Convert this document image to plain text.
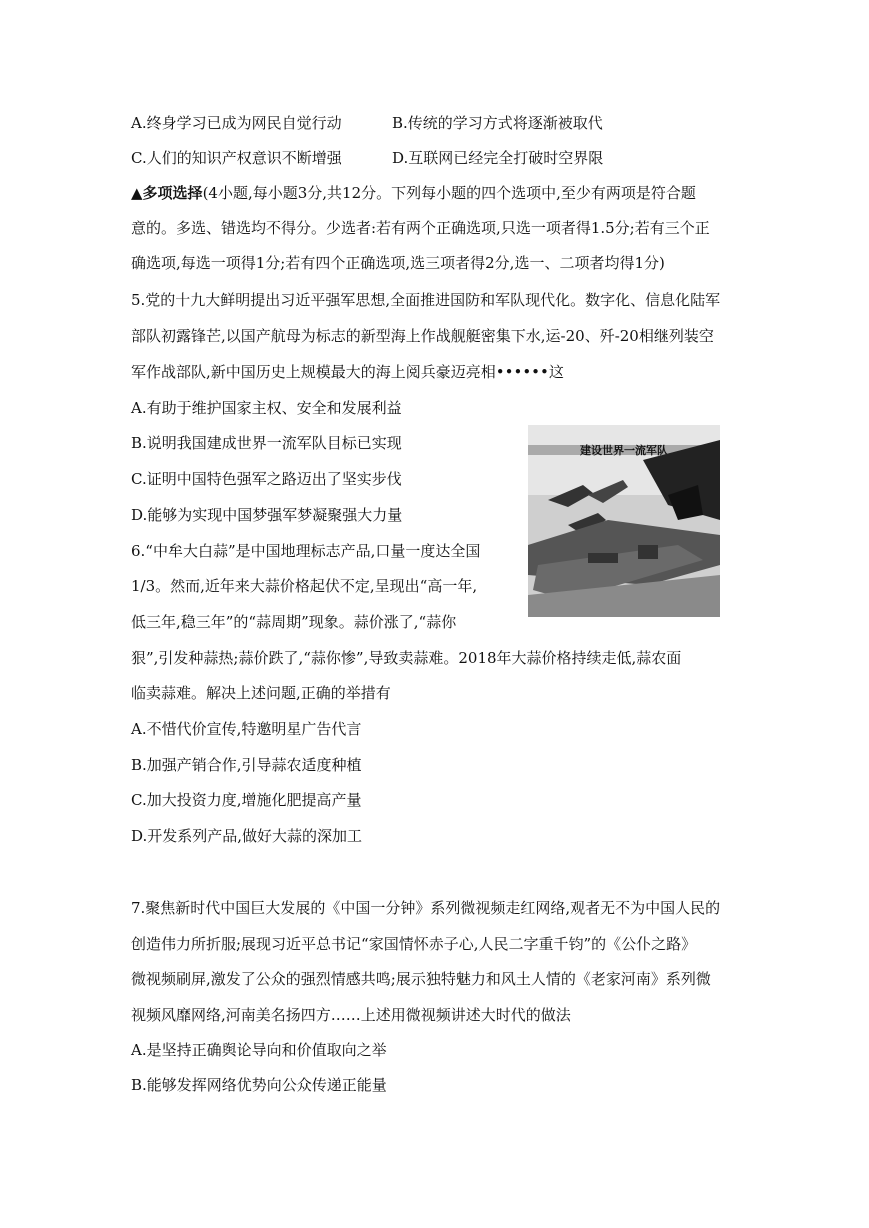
A.终身学习已成为网民自觉行动	B.传统的学习方式将逐渐被取代
C.人们的知识产权意识不断增强	D.互联网已经完全打破时空界限
▲多项选择(4小题,每小题3分,共12分。下列每小题的四个选项中,至少有两项是符合题
意的。多选、错选均不得分。少选者:若有两个正确选项,只选一项者得1.5分;若有三个正
确选项,每选一项得1分;若有四个正确选项,选三项者得2分,选一、二项者均得1分)
5.党的十九大鲜明提出习近平强军思想,全面推进国防和军队现代化。数字化、信息化陆军
部队初露锋芒,以国产航母为标志的新型海上作战舰艇密集下水,运-20、歼-20相继列装空
军作战部队,新中国历史上规模最大的海上阅兵豪迈亮相••••••这
A.有助于维护国家主权、安全和发展利益
B.说明我国建成世界一流军队目标已实现
C.证明中国特色强军之路迈出了坚实步伐
D.能够为实现中国梦强军梦凝聚强大力量
建设世界一流军队
6.“中牟大白蒜”是中国地理标志产品,口量一度达全国
1/3。然而,近年来大蒜价格起伏不定,呈现出“高一年,
低三年,稳三年”的“蒜周期”现象。蒜价涨了,“蒜你
狠”,引发种蒜热;蒜价跌了,“蒜你惨”,导致卖蒜难。2018年大蒜价格持续走低,蒜农面
临卖蒜难。解决上述问题,正确的举措有
A.不惜代价宣传,特邀明星广告代言
B.加强产销合作,引导蒜农适度种植
C.加大投资力度,增施化肥提高产量
D.开发系列产品,做好大蒜的深加工
7.聚焦新时代中国巨大发展的《中国一分钟》系列微视频走红网络,观者无不为中国人民的
创造伟力所折服;展现习近平总书记“家国情怀赤子心,人民二字重千钧”的《公仆之路》
微视频刷屏,激发了公众的强烈情感共鸣;展示独特魅力和风土人情的《老家河南》系列微
视频风靡网络,河南美名扬四方……上述用微视频讲述大时代的做法
A.是坚持正确舆论导向和价值取向之举
B.能够发挥网络优势向公众传递正能量
